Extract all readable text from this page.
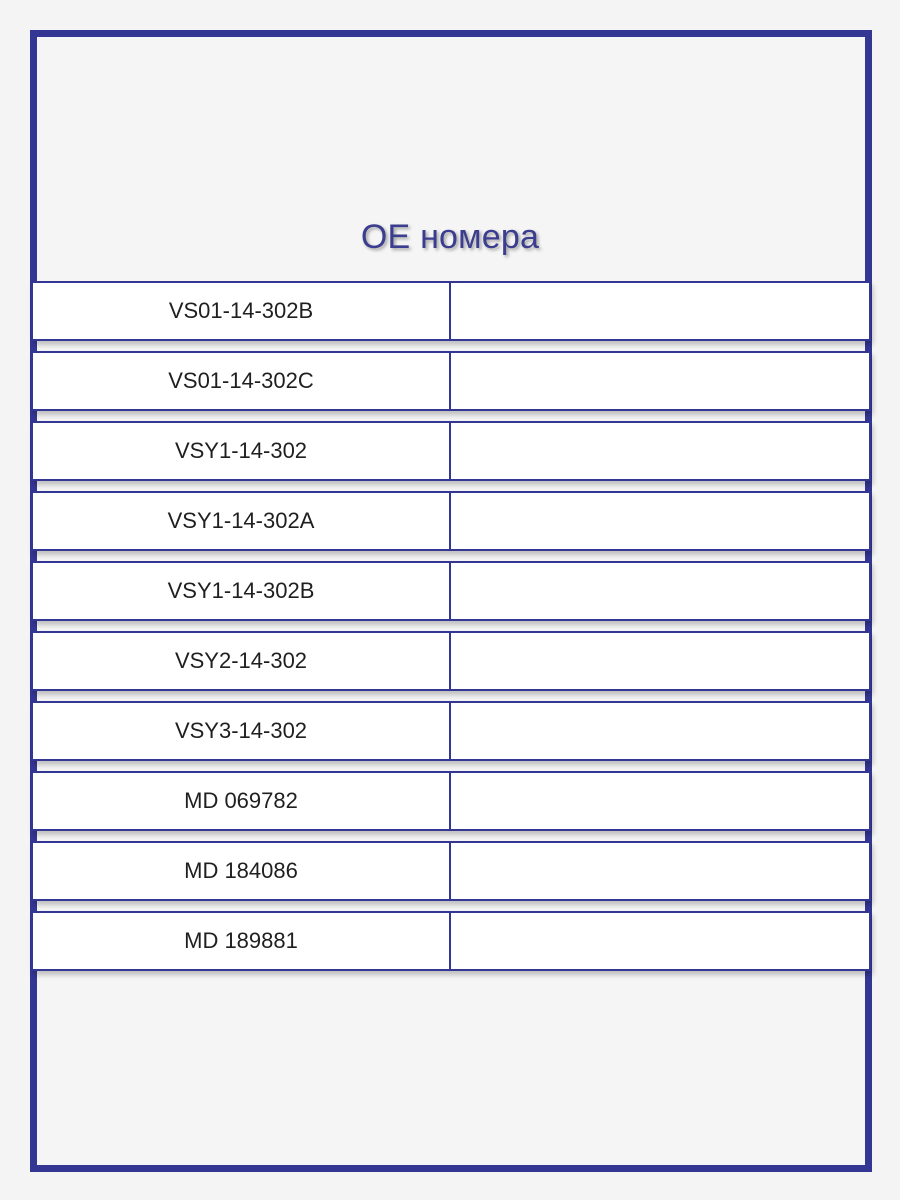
OE номера
VS01-14-302B
VS01-14-302C
VSY1-14-302
VSY1-14-302A
VSY1-14-302B
VSY2-14-302
VSY3-14-302
MD 069782
MD 184086
MD 189881
